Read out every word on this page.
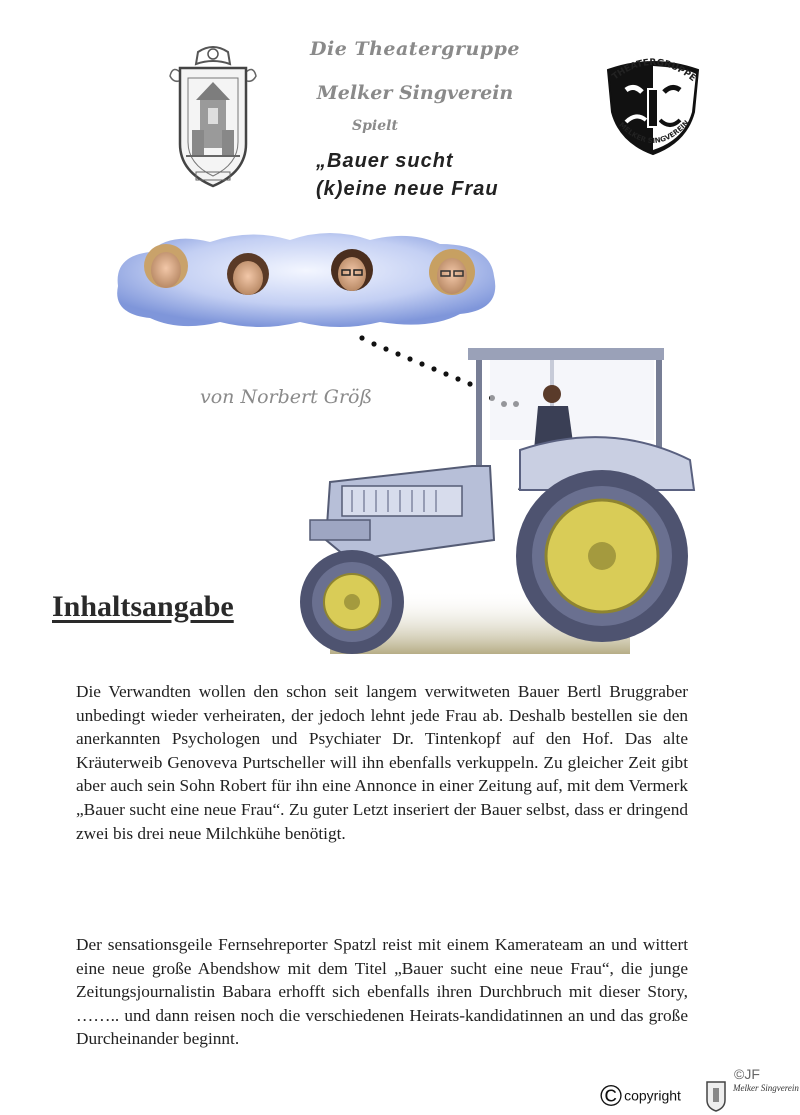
Die Theatergruppe
Melker Singverein
Spielt
„Bauer sucht
(k)eine neue Frau
THEATERGRUPPE
MELKER SINGVEREIN
von Norbert Größ
Inhaltsangabe

Die Verwandten wollen den schon seit langem verwitweten Bauer Bertl Bruggraber unbedingt wieder verheiraten, der jedoch lehnt jede Frau ab. Deshalb bestellen sie den anerkannten Psychologen und Psychiater Dr. Tintenkopf auf den Hof. Das alte Kräuterweib Genoveva Purtscheller will ihn ebenfalls verkuppeln. Zu gleicher Zeit gibt aber auch sein Sohn Robert für ihn eine Annonce in einer Zeitung auf, mit dem Vermerk „Bauer sucht eine neue Frau“. Zu guter Letzt inseriert der Bauer selbst, dass er dringend zwei bis drei neue Milchkühe benötigt.

Der sensationsgeile Fernsehreporter Spatzl reist mit einem Kamerateam an und wittert eine neue große Abendshow mit dem Titel „Bauer sucht eine neue Frau“, die junge Zeitungsjournalistin Babara erhofft sich ebenfalls ihren Durchbruch mit dieser Story, …….. und dann reisen noch die verschiedenen Heirats-kandidatinnen an und das große Durcheinander beginnt.

©JF
© copyright	Melker Singverein
